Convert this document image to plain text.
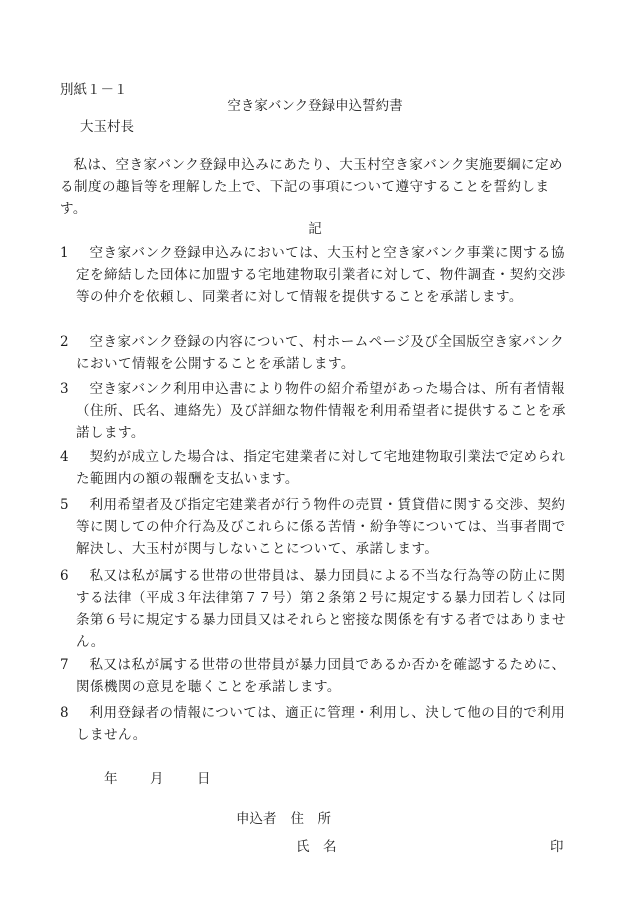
別紙１－１
空き家バンク登録申込誓約書
大玉村長
私は、空き家バンク登録申込みにあたり、大玉村空き家バンク実施要綱に定める制度の趣旨等を理解した上で、下記の事項について遵守することを誓約します。
記
1	空き家バンク登録申込みにおいては、大玉村と空き家バンク事業に関する協定を締結した団体に加盟する宅地建物取引業者に対して、物件調査・契約交渉等の仲介を依頼し、同業者に対して情報を提供することを承諾します。
2	空き家バンク登録の内容について、村ホームページ及び全国版空き家バンクにおいて情報を公開することを承諾します。
3	空き家バンク利用申込書により物件の紹介希望があった場合は、所有者情報（住所、氏名、連絡先）及び詳細な物件情報を利用希望者に提供することを承諾します。
4	契約が成立した場合は、指定宅建業者に対して宅地建物取引業法で定められた範囲内の額の報酬を支払います。
5	利用希望者及び指定宅建業者が行う物件の売買・賃貸借に関する交渉、契約等に関しての仲介行為及びこれらに係る苦情・紛争等については、当事者間で解決し、大玉村が関与しないことについて、承諾します。
6	私又は私が属する世帯の世帯員は、暴力団員による不当な行為等の防止に関する法律（平成３年法律第７７号）第２条第２号に規定する暴力団若しくは同条第６号に規定する暴力団員又はそれらと密接な関係を有する者ではありません。
7	私又は私が属する世帯の世帯員が暴力団員であるか否かを確認するために、関係機関の意見を聴くことを承諾します。
8	利用登録者の情報については、適正に管理・利用し、決して他の目的で利用しません。
年 月 日
申込者 住　所
氏　名	印
